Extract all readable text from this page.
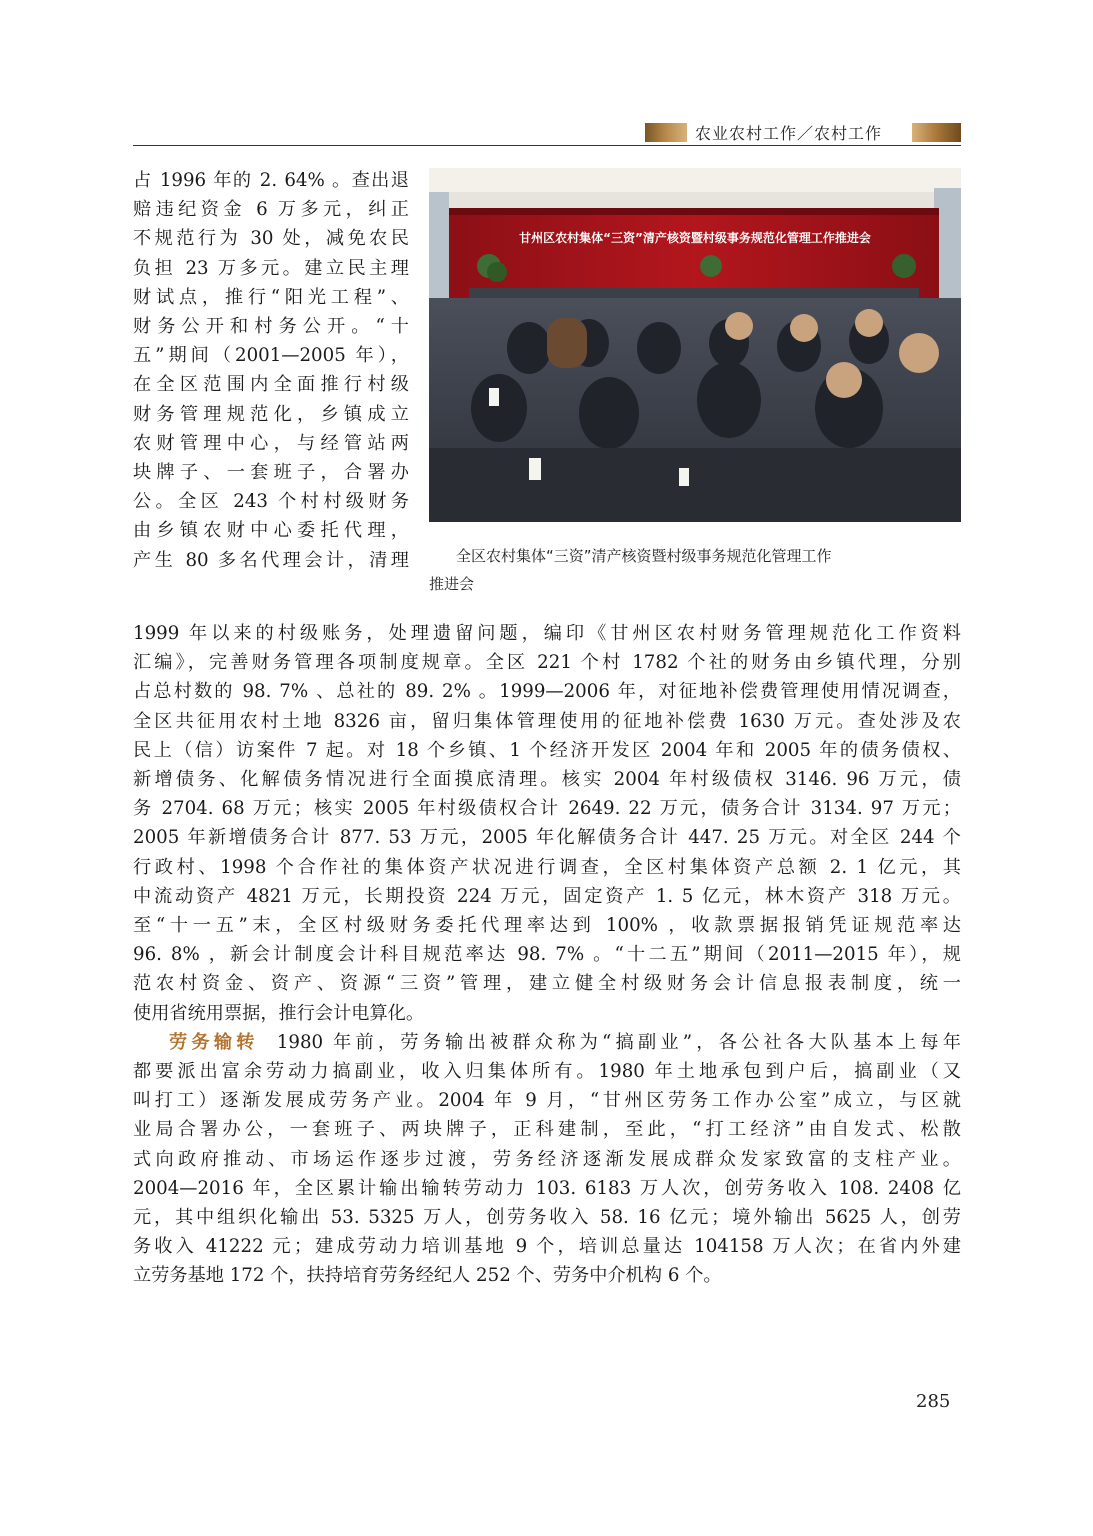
农业农村工作／农村工作
占 1996 年的 2. 64% 。查出退
赔违纪资金 6 万多元，纠正
不规范行为 30 处，减免农民
负担 23 万多元。建立民主理
财试点，推行“阳光工程”、
财务公开和村务公开。“十
五”期间（2001—2005 年），
在全区范围内全面推行村级
财务管理规范化，乡镇成立
农财管理中心，与经管站两
块牌子、一套班子，合署办
公。全区 243 个村村级财务
由乡镇农财中心委托代理，
产生 80 多名代理会计，清理
甘州区农村集体“三资”清产核资暨村级事务规范化管理工作推进会
全区农村集体“三资”清产核资暨村级事务规范化管理工作
推进会
1999 年以来的村级账务，处理遗留问题，编印《甘州区农村财务管理规范化工作资料
汇编》，完善财务管理各项制度规章。全区 221 个村 1782 个社的财务由乡镇代理，分别
占总村数的 98. 7% 、总社的 89. 2% 。1999—2006 年，对征地补偿费管理使用情况调查，
全区共征用农村土地 8326 亩，留归集体管理使用的征地补偿费 1630 万元。查处涉及农
民上（信）访案件 7 起。对 18 个乡镇、1 个经济开发区 2004 年和 2005 年的债务债权、
新增债务、化解债务情况进行全面摸底清理。核实 2004 年村级债权 3146. 96 万元，债
务 2704. 68 万元；核实 2005 年村级债权合计 2649. 22 万元，债务合计 3134. 97 万元；
2005 年新增债务合计 877. 53 万元，2005 年化解债务合计 447. 25 万元。对全区 244 个
行政村、1998 个合作社的集体资产状况进行调查，全区村集体资产总额 2. 1 亿元，其
中流动资产 4821 万元，长期投资 224 万元，固定资产 1. 5 亿元，林木资产 318 万元。
至“十一五”末，全区村级财务委托代理率达到 100% ，收款票据报销凭证规范率达
96. 8% ，新会计制度会计科目规范率达 98. 7% 。“十二五”期间（2011—2015 年），规
范农村资金、资产、资源“三资”管理，建立健全村级财务会计信息报表制度，统一
使用省统用票据，推行会计电算化。
劳务输转  1980 年前，劳务输出被群众称为“搞副业”，各公社各大队基本上每年
都要派出富余劳动力搞副业，收入归集体所有。1980 年土地承包到户后，搞副业（又
叫打工）逐渐发展成劳务产业。2004 年 9 月，“甘州区劳务工作办公室”成立，与区就
业局合署办公，一套班子、两块牌子，正科建制，至此，“打工经济”由自发式、松散
式向政府推动、市场运作逐步过渡，劳务经济逐渐发展成群众发家致富的支柱产业。
2004—2016 年，全区累计输出输转劳动力 103. 6183 万人次，创劳务收入 108. 2408 亿
元，其中组织化输出 53. 5325 万人，创劳务收入 58. 16 亿元；境外输出 5625 人，创劳
务收入 41222 元；建成劳动力培训基地 9 个，培训总量达 104158 万人次；在省内外建
立劳务基地 172 个，扶持培育劳务经纪人 252 个、劳务中介机构 6 个。
285
